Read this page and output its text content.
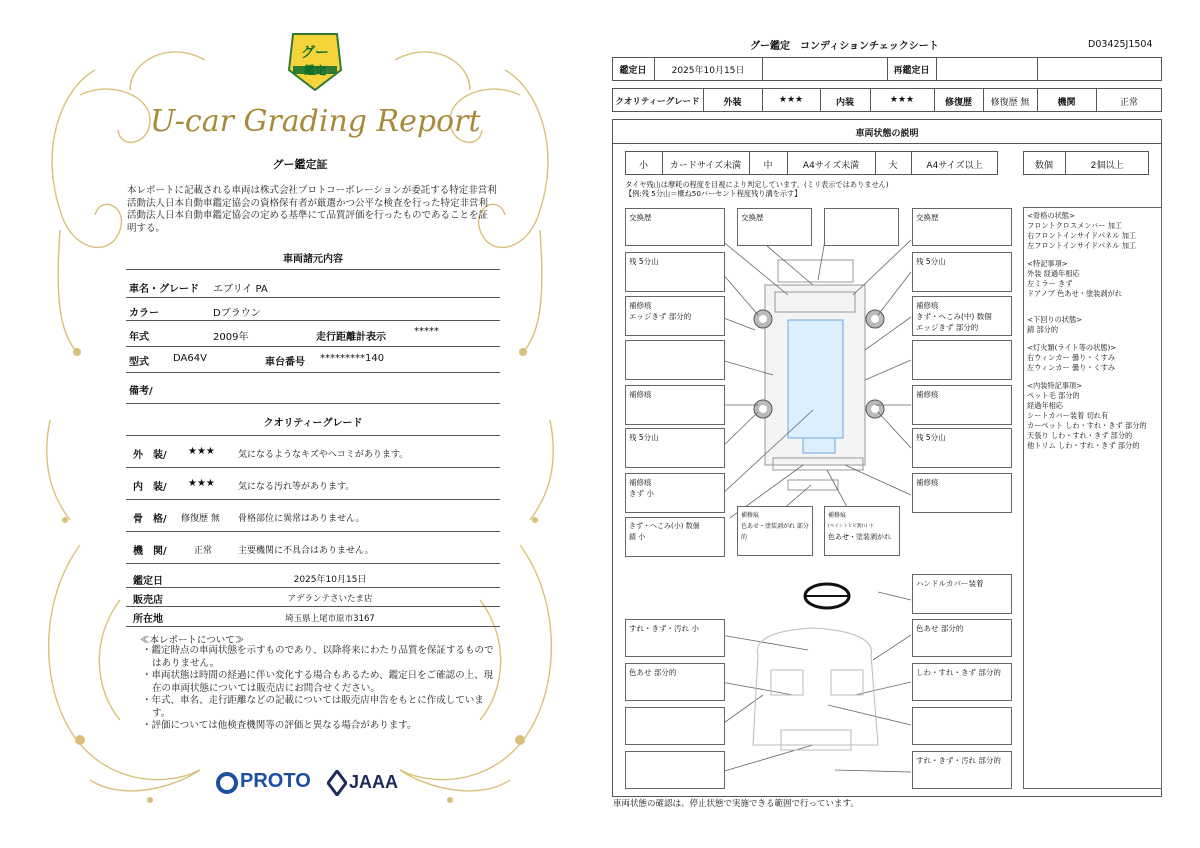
グー
鑑定
U-car Grading Report
グー鑑定証
本レポートに記載される車両は株式会社プロトコーポレーションが委託する特定非営利活動法人日本自動車鑑定協会の資格保有者が厳選かつ公平な検査を行った特定非営利活動法人日本自動車鑑定協会の定める基準にて品質評価を行ったものであることを証明する。
車両諸元内容
車名・グレード エブリイ PA
カラー	Dブラウン
年式	2009年	走行距離計表示
*****
型式 DA64V	車台番号 *********140
備考/
クオリティーグレード
外　装/ ★★★	気になるようなキズやヘコミがあります。
内　装/ ★★★	気になる汚れ等があります。
骨　格/ 修復歴 無 骨格部位に異常はありません。
機　関/	正常	主要機関に不具合はありません。
鑑定日	2025年10月15日
販売店	アデランテさいたま店
所在地	埼玉県上尾市原市3167
≪本レポートについて≫
・鑑定時点の車両状態を示すものであり、以降将来にわたり品質を保証するものではありません。
・車両状態は時間の経過に伴い変化する場合もあるため、鑑定日をご確認の上、現在の車両状態については販売店にお問合せください。
・年式、車名、走行距離などの記載については販売店申告をもとに作成しています。
・評価については他検査機関等の評価と異なる場合があります。
PROTO JAAA
グー鑑定　コンディションチェックシート	D03425J1504
鑑定日	2025年10月15日	再鑑定日
クオリティーグレード	外装	★★★	内装	★★★	修復歴	修復歴 無	機関	正常
車両状態の説明
小	カードサイズ未満	中	A4サイズ未満	大	A4サイズ以上	数個	2個以上
タイヤ残山は摩耗の程度を目視により判定しています。(ミリ表示ではありません)
【例:残 5分山＝概ね50パーセント程度残り溝を示す】
交換歴	交換歴	交換歴
残 5分山	残 5分山
補修痕
エッジきず 部分的
補修痕
きず・へこみ(中) 数個
エッジきず 部分的
補修痕	補修痕
残 5分山	残 5分山
補修痕
きず 小
補修痕
きず・へこみ(小) 数個
錆 小
補修痕
色あせ・塗装剥がれ 部分的
補修痕
(ペイントヒビ割れ) 小
色あせ・塗装剥がれ
ハンドルカバー装着
すれ・きず・汚れ 小	色あせ 部分的
色あせ 部分的	しわ・すれ・きず 部分的
すれ・きず・汚れ 部分的
<骨格の状態>
フロントクロスメンバー 加工
右フロントインサイドパネル 加工
左フロントインサイドパネル 加工
<特記事項>
外装 経過年相応
左ミラー きず
ドアノブ 色あせ・塗装剥がれ
<下回りの状態>
錆 部分的
<灯火類(ライト等の状態)>
右ウィンカー 曇り・くすみ
左ウィンカー 曇り・くすみ
<内装特記事項>
ペット毛 部分的
経過年相応
シートカバー装着 切れ有
カーペット しわ・すれ・きず 部分的
天張り しわ・すれ・きず 部分的
他トリム しわ・すれ・きず 部分的
車両状態の確認は、停止状態で実施できる範囲で行っています。
